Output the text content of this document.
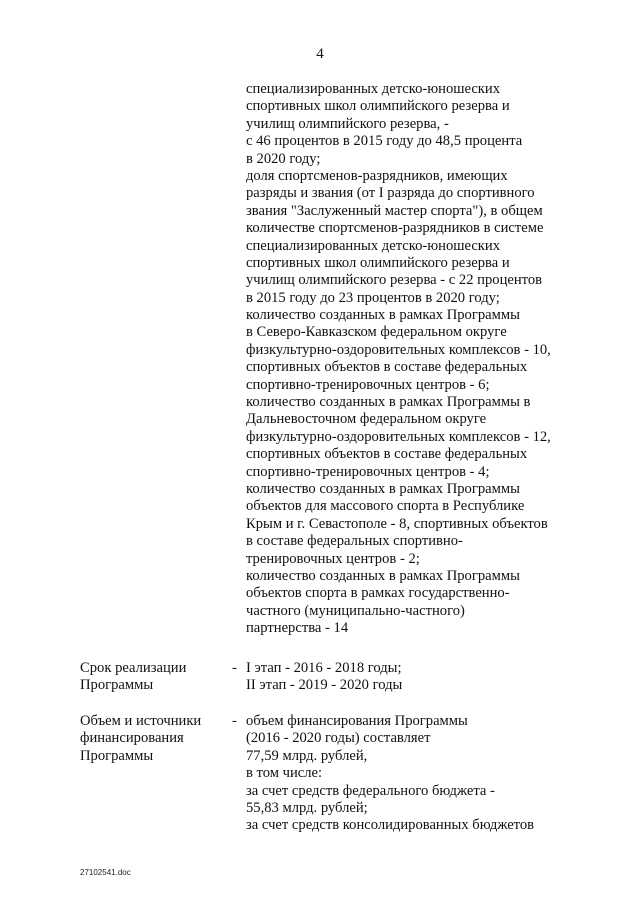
4
специализированных детско-юношеских
спортивных школ олимпийского резерва и
училищ олимпийского резерва, -
с 46 процентов в 2015 году до 48,5 процента
в 2020 году;
доля спортсменов-разрядников, имеющих
разряды и звания (от I разряда до спортивного
звания "Заслуженный мастер спорта"), в общем
количестве спортсменов-разрядников в системе
специализированных детско-юношеских
спортивных школ олимпийского резерва и
училищ олимпийского резерва - с 22 процентов
в 2015 году до 23 процентов в 2020 году;
количество созданных в рамках Программы
в Северо-Кавказском федеральном округе
физкультурно-оздоровительных комплексов - 10,
спортивных объектов в составе федеральных
спортивно-тренировочных центров - 6;
количество созданных в рамках Программы в
Дальневосточном федеральном округе
физкультурно-оздоровительных комплексов - 12,
спортивных объектов в составе федеральных
спортивно-тренировочных центров - 4;
количество созданных в рамках Программы
объектов для массового спорта в Республике
Крым и г. Севастополе - 8, спортивных объектов
в составе федеральных спортивно-
тренировочных центров - 2;
количество созданных в рамках Программы
объектов спорта в рамках государственно-
частного (муниципально-частного)
партнерства - 14
Срок реализации
Программы
- I этап - 2016 - 2018 годы;
II этап - 2019 - 2020 годы
Объем и источники
финансирования
Программы
- объем финансирования Программы
(2016 - 2020 годы) составляет
77,59 млрд. рублей,
в том числе:
за счет средств федерального бюджета -
55,83 млрд. рублей;
за счет средств консолидированных бюджетов
27102541.doc
